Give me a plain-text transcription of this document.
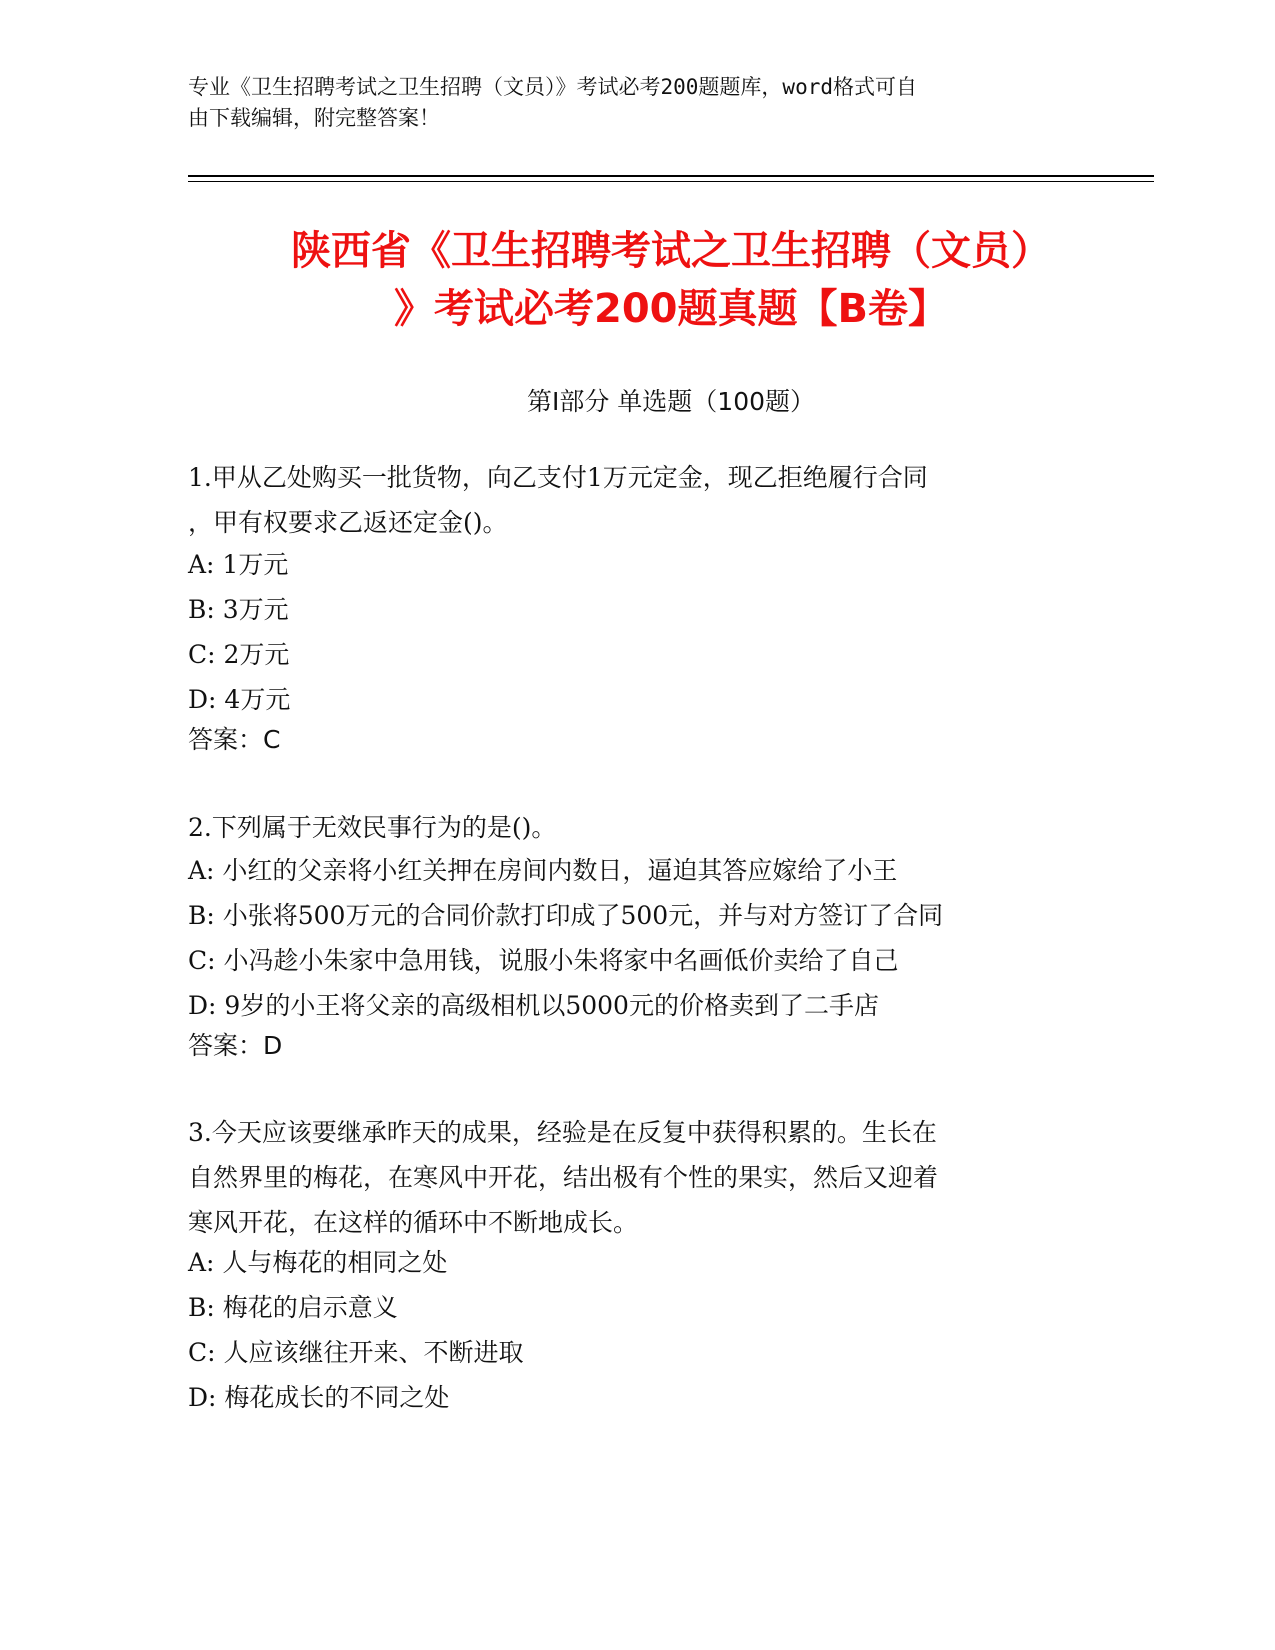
专业《卫生招聘考试之卫生招聘（文员）》考试必考200题题库，word格式可自
由下载编辑，附完整答案！
陕西省《卫生招聘考试之卫生招聘（文员）
》考试必考200题真题【B卷】
第I部分 单选题（100题）
1.甲从乙处购买一批货物，向乙支付1万元定金，现乙拒绝履行合同
，甲有权要求乙返还定金()。
A: 1万元
B: 3万元
C: 2万元
D: 4万元
答案：C
2.下列属于无效民事行为的是()。
A: 小红的父亲将小红关押在房间内数日，逼迫其答应嫁给了小王
B: 小张将500万元的合同价款打印成了500元，并与对方签订了合同
C: 小冯趁小朱家中急用钱，说服小朱将家中名画低价卖给了自己
D: 9岁的小王将父亲的高级相机以5000元的价格卖到了二手店
答案：D
3.今天应该要继承昨天的成果，经验是在反复中获得积累的。生长在
自然界里的梅花，在寒风中开花，结出极有个性的果实，然后又迎着
寒风开花，在这样的循环中不断地成长。
A: 人与梅花的相同之处
B: 梅花的启示意义
C: 人应该继往开来、不断进取
D: 梅花成长的不同之处
